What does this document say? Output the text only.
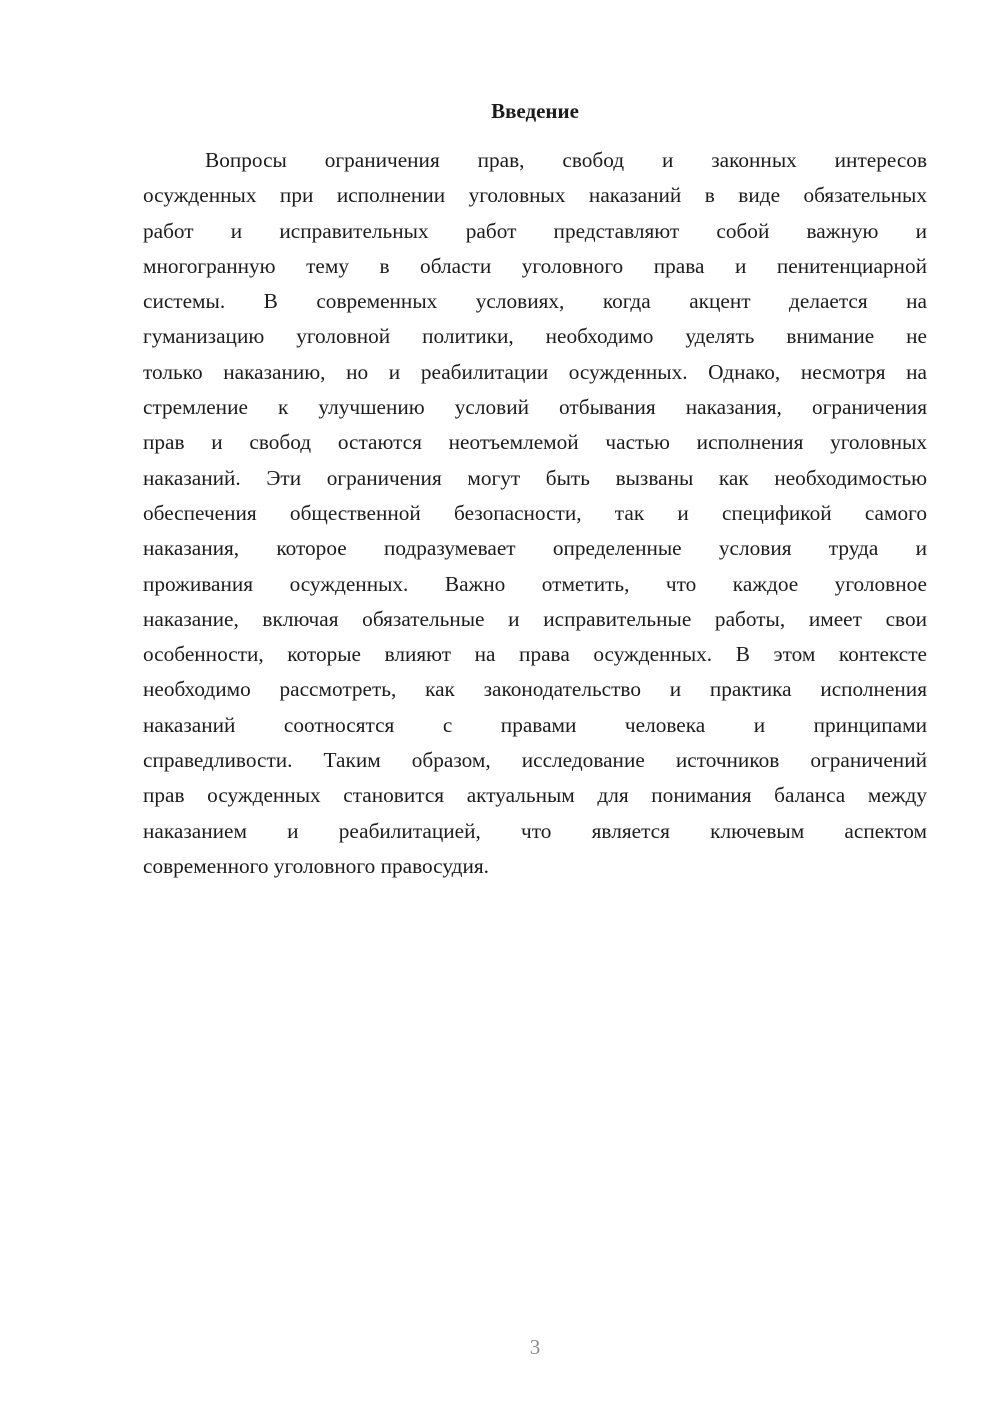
Введение
Вопросы ограничения прав, свобод и законных интересов
осужденных при исполнении уголовных наказаний в виде обязательных
работ и исправительных работ представляют собой важную и
многогранную тему в области уголовного права и пенитенциарной
системы. В современных условиях, когда акцент делается на
гуманизацию уголовной политики, необходимо уделять внимание не
только наказанию, но и реабилитации осужденных. Однако, несмотря на
стремление к улучшению условий отбывания наказания, ограничения
прав и свобод остаются неотъемлемой частью исполнения уголовных
наказаний. Эти ограничения могут быть вызваны как необходимостью
обеспечения общественной безопасности, так и спецификой самого
наказания, которое подразумевает определенные условия труда и
проживания осужденных. Важно отметить, что каждое уголовное
наказание, включая обязательные и исправительные работы, имеет свои
особенности, которые влияют на права осужденных. В этом контексте
необходимо рассмотреть, как законодательство и практика исполнения
наказаний соотносятся с правами человека и принципами
справедливости. Таким образом, исследование источников ограничений
прав осужденных становится актуальным для понимания баланса между
наказанием и реабилитацией, что является ключевым аспектом
современного уголовного правосудия.

3
